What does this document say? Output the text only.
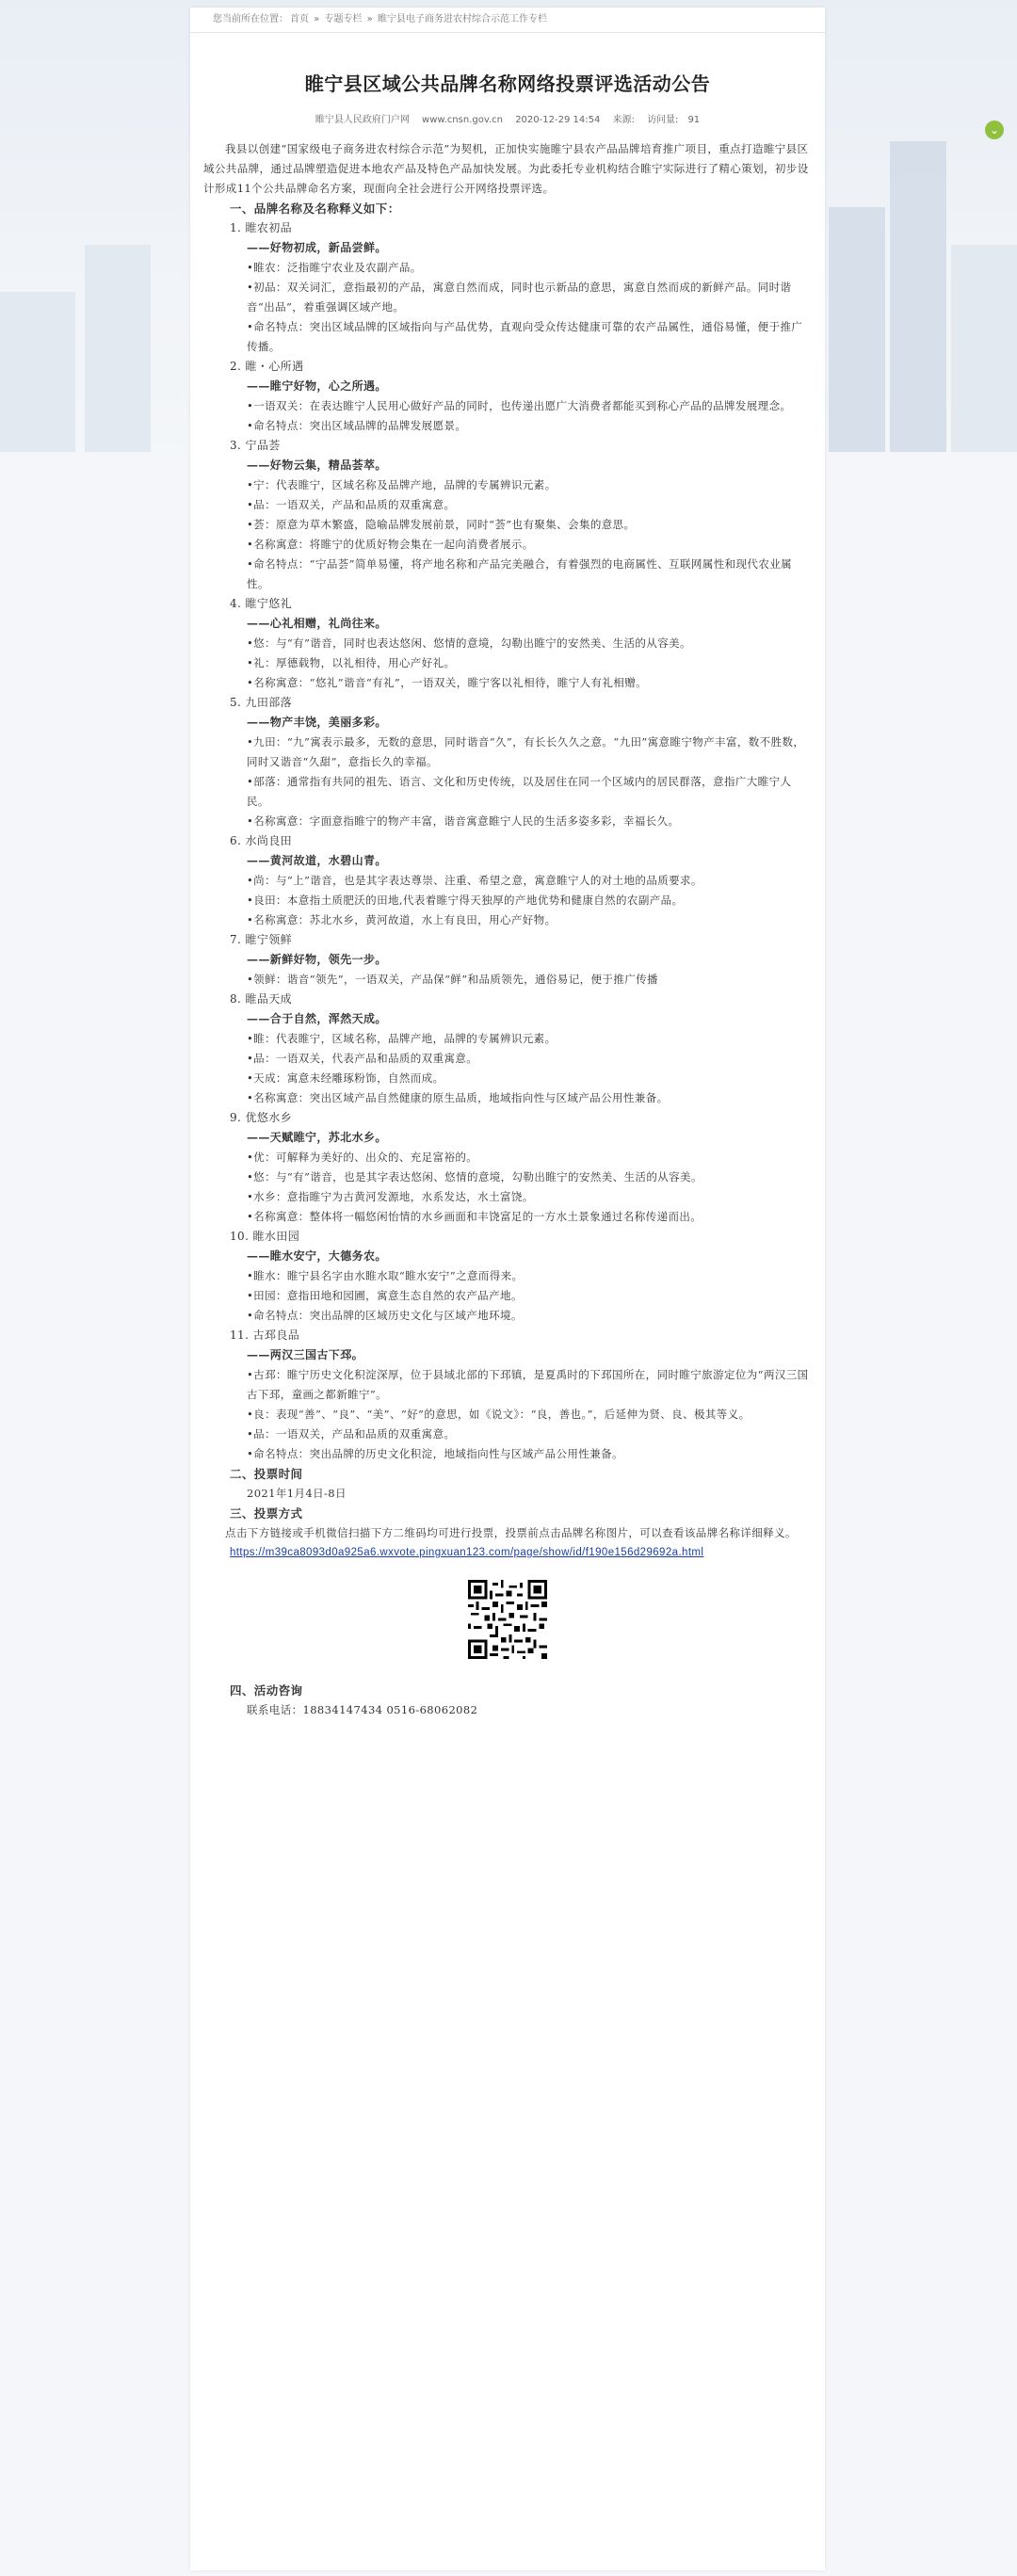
⌄
您当前所在位置： 首页 » 专题专栏 » 睢宁县电子商务进农村综合示范工作专栏
睢宁县区域公共品牌名称网络投票评选活动公告
睢宁县人民政府门户网 www.cnsn.gov.cn 2020-12-29 14:54 来源: 访问量: 91

我县以创建“国家级电子商务进农村综合示范”为契机，正加快实施睢宁县农产品品牌培育推广项目，重点打造睢宁县区域公共品牌，通过品牌塑造促进本地农产品及特色产品加快发展。为此委托专业机构结合睢宁实际进行了精心策划，初步设计形成11个公共品牌命名方案，现面向全社会进行公开网络投票评选。

一、品牌名称及名称释义如下：

1. 睢农初品

——好物初成，新品尝鲜。

•睢农：泛指睢宁农业及农副产品。

•初品：双关词汇，意指最初的产品，寓意自然而成，同时也示新品的意思，寓意自然而成的新鲜产品。同时谐音“出品”，着重强调区域产地。

•命名特点：突出区域品牌的区域指向与产品优势，直观向受众传达健康可靠的农产品属性，通俗易懂，便于推广传播。

2. 睢・心所遇

——睢宁好物，心之所遇。

•一语双关：在表达睢宁人民用心做好产品的同时，也传递出愿广大消费者都能买到称心产品的品牌发展理念。

•命名特点：突出区域品牌的品牌发展愿景。

3. 宁品荟

——好物云集，精品荟萃。

•宁：代表睢宁，区域名称及品牌产地，品牌的专属辨识元素。

•品：一语双关，产品和品质的双重寓意。

•荟：原意为草木繁盛，隐喻品牌发展前景，同时“荟”也有聚集、会集的意思。

•名称寓意：将睢宁的优质好物会集在一起向消费者展示。

•命名特点：“宁品荟”简单易懂，将产地名称和产品完美融合，有着强烈的电商属性、互联网属性和现代农业属性。

4. 睢宁悠礼

——心礼相赠，礼尚往来。

•悠：与“有”谐音，同时也表达悠闲、悠情的意境，勾勒出睢宁的安然美、生活的从容美。

•礼：厚德载物，以礼相待，用心产好礼。

•名称寓意：“悠礼”谐音“有礼”，一语双关，睢宁客以礼相待，睢宁人有礼相赠。

5. 九田部落

——物产丰饶，美丽多彩。

•九田：“九”寓表示最多，无数的意思，同时谐音“久”，有长长久久之意。“九田”寓意睢宁物产丰富，数不胜数，同时又谐音“久甜”，意指长久的幸福。

•部落：通常指有共同的祖先、语言、文化和历史传统，以及居住在同一个区域内的居民群落，意指广大睢宁人民。

•名称寓意：字面意指睢宁的物产丰富，谐音寓意睢宁人民的生活多姿多彩，幸福长久。

6. 水尚良田

——黄河故道，水碧山青。

•尚：与“上”谐音，也是其字表达尊崇、注重、希望之意，寓意睢宁人的对土地的品质要求。

•良田：本意指土质肥沃的田地,代表着睢宁得天独厚的产地优势和健康自然的农副产品。

•名称寓意：苏北水乡，黄河故道，水上有良田，用心产好物。

7. 睢宁领鲜

——新鲜好物，领先一步。

•领鲜：谐音“领先”，一语双关，产品保“鲜”和品质领先，通俗易记，便于推广传播

8. 睢品天成

——合于自然，浑然天成。

•睢：代表睢宁，区域名称，品牌产地，品牌的专属辨识元素。

•品：一语双关，代表产品和品质的双重寓意。

•天成：寓意未经雕琢粉饰，自然而成。

•名称寓意：突出区域产品自然健康的原生品质，地域指向性与区域产品公用性兼备。

9. 优悠水乡

——天赋睢宁，苏北水乡。

•优：可解释为美好的、出众的、充足富裕的。

•悠：与“有”谐音，也是其字表达悠闲、悠情的意境，勾勒出睢宁的安然美、生活的从容美。

•水乡：意指睢宁为古黄河发源地，水系发达，水土富饶。

•名称寓意：整体将一幅悠闲怡情的水乡画面和丰饶富足的一方水土景象通过名称传递而出。

10. 睢水田园

——睢水安宁，大德务农。

•睢水：睢宁县名字由水睢水取“睢水安宁”之意而得来。

•田园：意指田地和园圃，寓意生态自然的农产品产地。

•命名特点：突出品牌的区域历史文化与区域产地环境。

11. 古邳良品

——两汉三国古下邳。

•古邳：睢宁历史文化积淀深厚，位于县域北部的下邳镇，是夏禹时的下邳国所在，同时睢宁旅游定位为“两汉三国古下邳，童画之都新睢宁”。

•良：表现“善”、“良”、“美”、“好”的意思，如《说文》：“良，善也。”，后延伸为贤、良、极其等义。

•品：一语双关，产品和品质的双重寓意。

•命名特点：突出品牌的历史文化积淀，地域指向性与区域产品公用性兼备。

二、投票时间

2021年1月4日-8日

三、投票方式

点击下方链接或手机微信扫描下方二维码均可进行投票，投票前点击品牌名称图片，可以查看该品牌名称详细释义。

https://m39ca8093d0a925a6.wxvote.pingxuan123.com/page/show/id/f190e156d29692a.html

四、活动咨询

联系电话：18834147434 0516-68062082
